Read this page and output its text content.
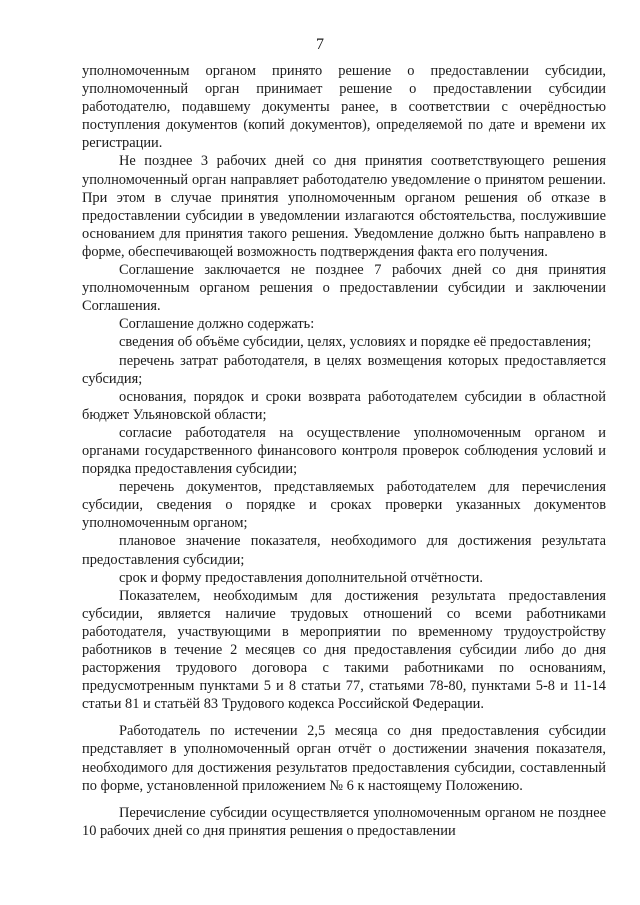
7

уполномоченным органом принято решение о предоставлении субсидии, уполномоченный орган принимает решение о предоставлении субсидии работодателю, подавшему документы ранее, в соответствии с очерёдностью поступления документов (копий документов), определяемой по дате и времени их регистрации.

Не позднее 3 рабочих дней со дня принятия соответствующего решения уполномоченный орган направляет работодателю уведомление о принятом решении. При этом в случае принятия уполномоченным органом решения об отказе в предоставлении субсидии в уведомлении излагаются обстоятельства, послужившие основанием для принятия такого решения. Уведомление должно быть направлено в форме, обеспечивающей возможность подтверждения факта его получения.

Соглашение заключается не позднее 7 рабочих дней со дня принятия уполномоченным органом решения о предоставлении субсидии и заключении Соглашения.

Соглашение должно содержать:

сведения об объёме субсидии, целях, условиях и порядке её предоставления;

перечень затрат работодателя, в целях возмещения которых предоставляется субсидия;

основания, порядок и сроки возврата работодателем субсидии в областной бюджет Ульяновской области;

согласие работодателя на осуществление уполномоченным органом и органами государственного финансового контроля проверок соблюдения условий и порядка предоставления субсидии;

перечень документов, представляемых работодателем для перечисления субсидии, сведения о порядке и сроках проверки указанных документов уполномоченным органом;

плановое значение показателя, необходимого для достижения результата предоставления субсидии;

срок и форму предоставления дополнительной отчётности.

Показателем, необходимым для достижения результата предоставления субсидии, является наличие трудовых отношений со всеми работниками работодателя, участвующими в мероприятии по временному трудоустройству работников в течение 2 месяцев со дня предоставления субсидии либо до дня расторжения трудового договора с такими работниками по основаниям, предусмотренным пунктами 5 и 8 статьи 77, статьями 78-80, пунктами 5-8 и 11-14 статьи 81 и статьёй 83 Трудового кодекса Российской Федерации.

Работодатель по истечении 2,5 месяца со дня предоставления субсидии представляет в уполномоченный орган отчёт о достижении значения показателя, необходимого для достижения результатов предоставления субсидии, составленный по форме, установленной приложением № 6 к настоящему Положению.

Перечисление субсидии осуществляется уполномоченным органом не позднее 10 рабочих дней со дня принятия решения о предоставлении
